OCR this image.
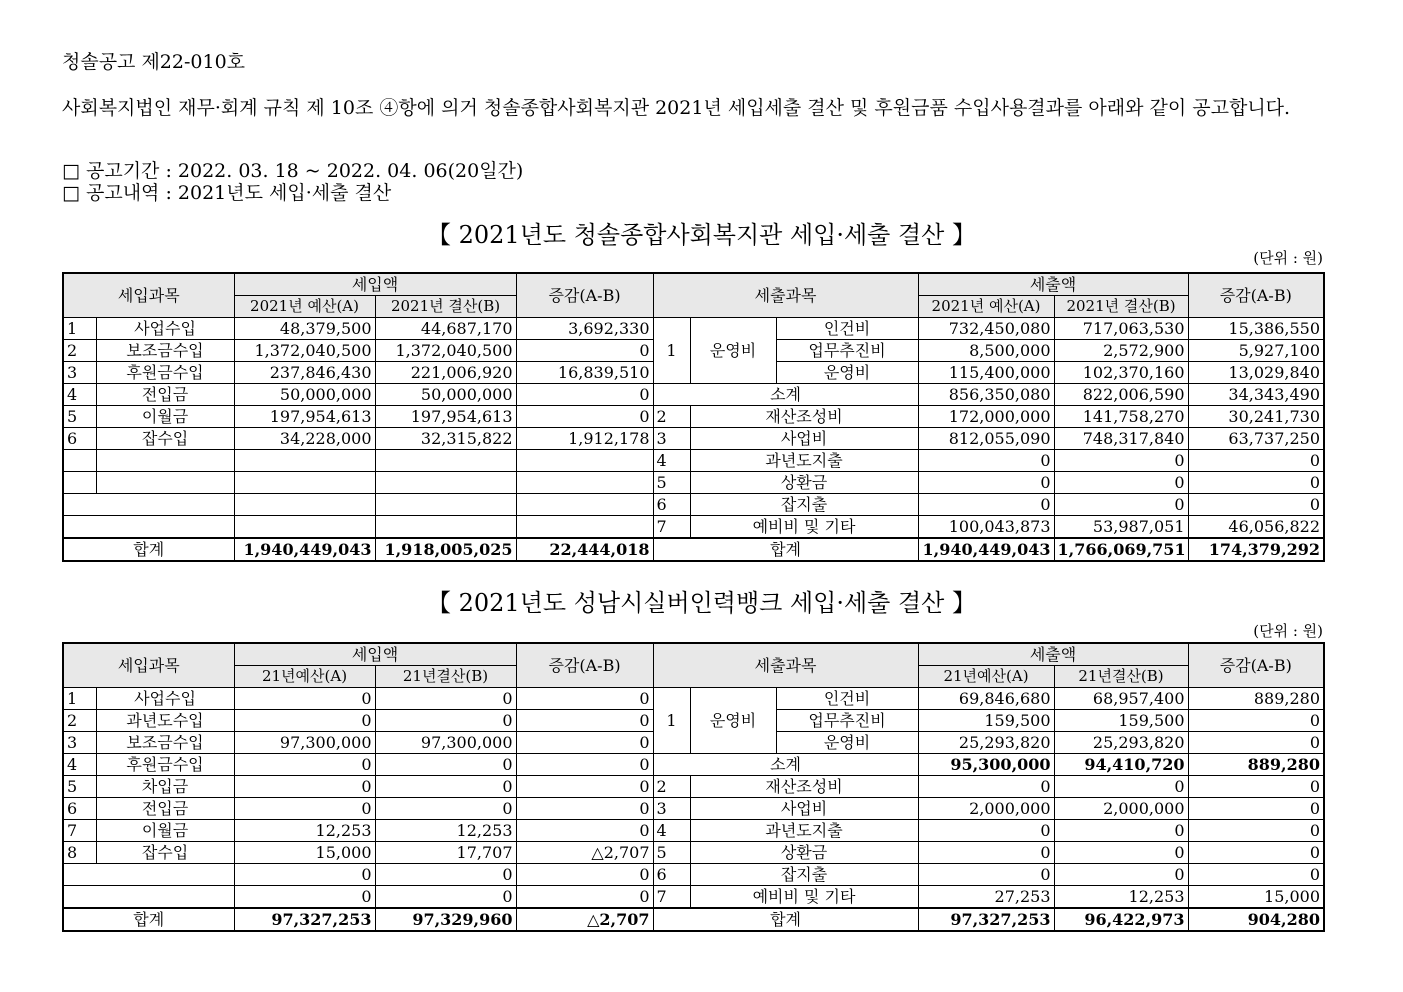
청솔공고 제22-010호
사회복지법인 재무·회계 규칙 제 10조 ④항에 의거 청솔종합사회복지관 2021년 세입세출 결산 및 후원금품 수입사용결과를 아래와 같이 공고합니다.
□ 공고기간 : 2022. 03. 18 ~ 2022. 04. 06(20일간)
□ 공고내역 : 2021년도 세입·세출 결산
【 2021년도 청솔종합사회복지관 세입·세출 결산 】
(단위 : 원)
세입과목		세입액		증감(A-B)	세출과목			세출액		증감(A-B)
		2021년 예산(A)	2021년 결산(B)					2021년 예산(A)	2021년 결산(B)	
1	사업수입	48,379,500	44,687,170	3,692,330	1	운영비	인건비	732,450,080	717,063,530	15,386,550
2	보조금수입	1,372,040,500	1,372,040,500	0			업무추진비	8,500,000	2,572,900	5,927,100
3	후원금수입	237,846,430	221,006,920	16,839,510			운영비	115,400,000	102,370,160	13,029,840
4	전입금	50,000,000	50,000,000	0	소계			856,350,080	822,006,590	34,343,490
5	이월금	197,954,613	197,954,613	0	2	재산조성비		172,000,000	141,758,270	30,241,730
6	잡수입	34,228,000	32,315,822	1,912,178	3	사업비		812,055,090	748,317,840	63,737,250
					4	과년도지출		0	0	0
					5	상환금		0	0	0
					6	잡지출		0	0	0
					7	예비비 및 기타		100,043,873	53,987,051	46,056,822
합계		1,940,449,043	1,918,005,025	22,444,018	합계			1,940,449,043	1,766,069,751	174,379,292
【 2021년도 성남시실버인력뱅크 세입·세출 결산 】
(단위 : 원)
세입과목		세입액		증감(A-B)	세출과목			세출액		증감(A-B)
		21년예산(A)	21년결산(B)					21년예산(A)	21년결산(B)	
1	사업수입	0	0	0	1	운영비	인건비	69,846,680	68,957,400	889,280
2	과년도수입	0	0	0			업무추진비	159,500	159,500	0
3	보조금수입	97,300,000	97,300,000	0			운영비	25,293,820	25,293,820	0
4	후원금수입	0	0	0	소계			95,300,000	94,410,720	889,280
5	차입금	0	0	0	2	재산조성비		0	0	0
6	전입금	0	0	0	3	사업비		2,000,000	2,000,000	0
7	이월금	12,253	12,253	0	4	과년도지출		0	0	0
8	잡수입	15,000	17,707	△2,707	5	상환금		0	0	0
		0	0	0	6	잡지출		0	0	0
		0	0	0	7	예비비 및 기타		27,253	12,253	15,000
합계		97,327,253	97,329,960	△2,707	합계			97,327,253	96,422,973	904,280
